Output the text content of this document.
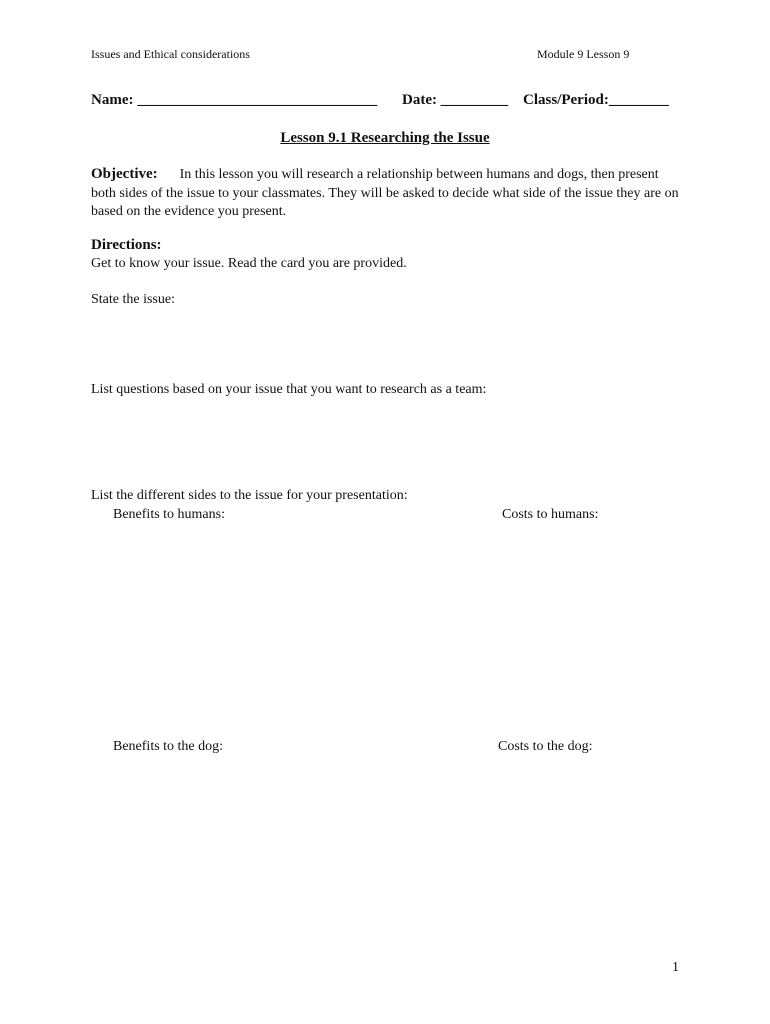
Issues and Ethical considerations	Module 9 Lesson 9
Name: ________________________________ Date: _________ Class/Period:________
Lesson 9.1 Researching the Issue
Objective: In this lesson you will research a relationship between humans and dogs, then present both sides of the issue to your classmates. They will be asked to decide what side of the issue they are on based on the evidence you present.
Directions:
Get to know your issue. Read the card you are provided.
State the issue:
List questions based on your issue that you want to research as a team:
List the different sides to the issue for your presentation:
Benefits to humans:	Costs to humans:
Benefits to the dog:	Costs to the dog:
1
